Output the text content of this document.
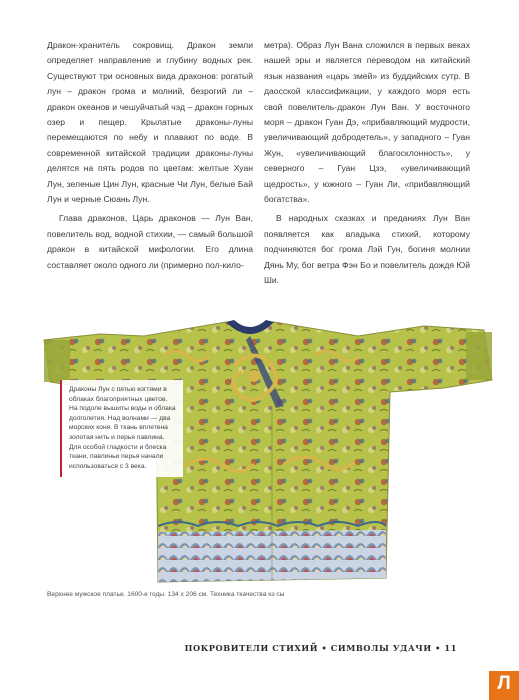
Дракон-хранитель сокровищ. Дракон земли определяет направление и глубину водных рек. Существуют три основных вида драконов: рогатый лун – дракон грома и молний, безрогий ли – дракон океанов и чешуйчатый чэд – дракон горных озер и пещер. Крылатые драконы-луны перемещаются по небу и плавают по воде. В современной китайской традиции драконы-луны делятся на пять родов по цветам: желтые Хуан Лун, зеленые Цин Лун, красные Чи Лун, белые Бай Лун и черные Сюань Лун.

Глава драконов, Царь драконов — Лун Ван, повелитель вод, водной стихии, — самый большой дракон в китайской мифологии. Его длина составляет около одного ли (примерно пол-кило-

метра). Образ Лун Вана сложился в первых веках нашей эры и является переводом на китайский язык названия «царь змей» из буддийских сутр. В даосской классификации, у каждого моря есть свой повелитель-дракон Лун Ван. У восточного моря – дракон Гуан Дэ, «прибавляющий мудрости, увеличивающий добродетель», у западного – Гуан Жун, «увеличивающий благосклонность», у северного – Гуан Цзэ, «увеличивающий щедрость», у южного – Гуан Ли, «прибавляющий богатства».

В народных сказках и преданиях Лун Ван появляется как владыка стихий, которому подчиняются бог грома Лэй Гун, богиня молнии Дянь Му, бог ветра Фэн Бо и повелитель дождя Юй Ши.

Драконы Лун с пятью когтями в облаках благоприятных цветов. На подоле вышиты воды и облака долголетия. Над волнами — два морских коня. В ткань вплетена золотая нить и перья павлина. Для особой гладкости и блеска ткани, павлиньи перья начали использоваться с 3 века.
Верхнее мужское платье. 1600-е годы. 134 х 206 см. Техника ткачества кэ сы
ПОКРОВИТЕЛИ СТИХИЙ • СИМВОЛЫ УДАЧИ • 11
Л
